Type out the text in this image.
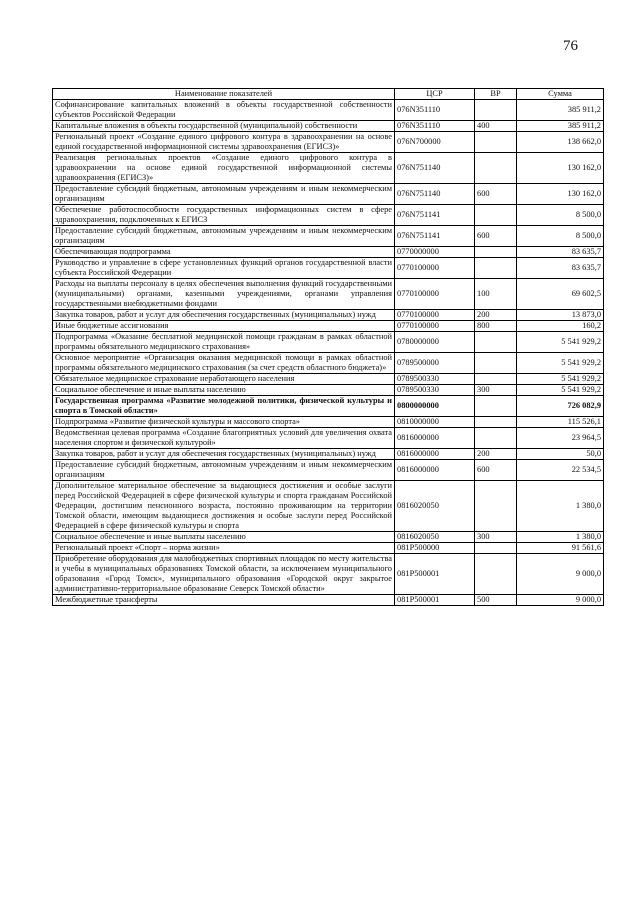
76
Наименование показателей	ЦСР	ВР	Сумма
Софинансирование капитальных вложений в объекты государственной собственности субъектов Российской Федерации	076N351110		385 911,2
Капитальные вложения в объекты государственной (муниципальной) собственности	076N351110	400	385 911,2
Региональный проект «Создание единого цифрового контура в здравоохранении на основе единой государственной информационной системы здравоохранения (ЕГИСЗ)»	076N700000		138 662,0
Реализация региональных проектов «Создание единого цифрового контура в здравоохранении на основе единой государственной информационной системы здравоохранения (ЕГИСЗ)»	076N751140		130 162,0
Предоставление субсидий бюджетным, автономным учреждениям и иным некоммерческим организациям	076N751140	600	130 162,0
Обеспечение работоспособности государственных информационных систем в сфере здравоохранения, подключенных к ЕГИСЗ	076N751141		8 500,0
Предоставление субсидий бюджетным, автономным учреждениям и иным некоммерческим организациям	076N751141	600	8 500,0
Обеспечивающая подпрограмма	0770000000		83 635,7
Руководство и управление в сфере установленных функций органов государственной власти субъекта Российской Федерации	0770100000		83 635,7
Расходы на выплаты персоналу в целях обеспечения выполнения функций государственными (муниципальными) органами, казенными учреждениями, органами управления государственными внебюджетными фондами	0770100000	100	69 602,5
Закупка товаров, работ и услуг для обеспечения государственных (муниципальных) нужд	0770100000	200	13 873,0
Иные бюджетные ассигнования	0770100000	800	160,2
Подпрограмма «Оказание бесплатной медицинской помощи гражданам в рамках областной программы обязательного медицинского страхования»	0780000000		5 541 929,2
Основное мероприятие «Организация оказания медицинской помощи в рамках областной программы обязательного медицинского страхования (за счет средств областного бюджета)»	0789500000		5 541 929,2
Обязательное медицинское страхование неработающего населения	0789500330		5 541 929,2
Социальное обеспечение и иные выплаты населению	0789500330	300	5 541 929,2
Государственная программа «Развитие молодежной политики, физической культуры и спорта в Томской области»	0800000000		726 082,9
Подпрограмма «Развитие физической культуры и массового спорта»	0810000000		115 526,1
Ведомственная целевая программа «Создание благоприятных условий для увеличения охвата населения спортом и физической культурой»	0816000000		23 964,5
Закупка товаров, работ и услуг для обеспечения государственных (муниципальных) нужд	0816000000	200	50,0
Предоставление субсидий бюджетным, автономным учреждениям и иным некоммерческим организациям	0816000000	600	22 534,5
Дополнительное материальное обеспечение за выдающиеся достижения и особые заслуги перед Российской Федерацией в сфере физической культуры и спорта гражданам Российской Федерации, достигшим пенсионного возраста, постоянно проживающим на территории Томской области, имеющим выдающиеся достижения и особые заслуги перед Российской Федерацией в сфере физической культуры и спорта	0816020050		1 380,0
Социальное обеспечение и иные выплаты населению	0816020050	300	1 380,0
Региональный проект «Спорт – норма жизни»	081P500000		91 561,6
Приобретение оборудования для малобюджетных спортивных площадок по месту жительства и учебы в муниципальных образованиях Томской области, за исключением муниципального образования «Город Томск», муниципального образования «Городской округ закрытое административно-территориальное образование Северск Томской области»	081P500001		9 000,0
Межбюджетные трансферты	081P500001	500	9 000,0
